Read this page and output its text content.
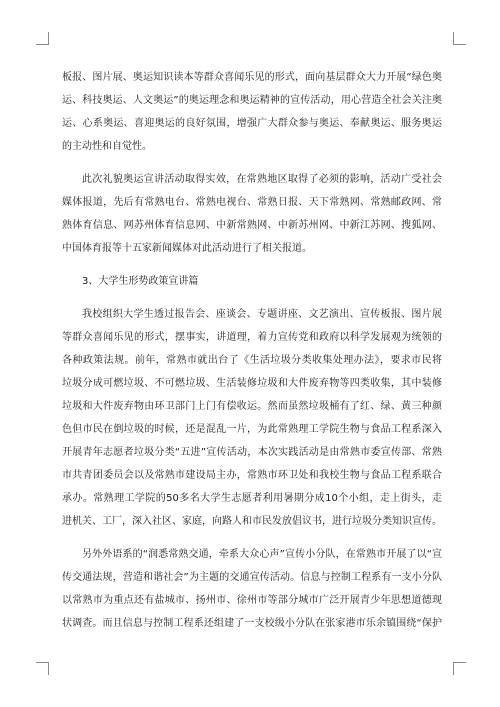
板报、图片展、奥运知识读本等群众喜闻乐见的形式，面向基层群众大力开展“绿色奥
运、科技奥运、人文奥运”的奥运理念和奥运精神的宣传活动，用心营造全社会关注奥
运、心系奥运、喜迎奥运的良好氛围，增强广大群众参与奥运、奉献奥运、服务奥运
的主动性和自觉性。
此次礼貌奥运宣讲活动取得实效，在常熟地区取得了必须的影响，活动广受社会
媒体报道，先后有常熟电台、常熟电视台、常熟日报、天下常熟网、常熟邮政网、常
熟体育信息、网苏州体育信息网、中新常熟网、中新苏州网、中新江苏网、搜狐网、
中国体育报等十五家新闻媒体对此活动进行了相关报道。
3、大学生形势政策宣讲篇
我校组织大学生透过报告会、座谈会、专题讲座、文艺演出、宣传板报、图片展
等群众喜闻乐见的形式，摆事实，讲道理，着力宣传党和政府以科学发展观为统领的
各种政策法规。前年，常熟市就出台了《生活垃圾分类收集处理办法》，要求市民将
垃圾分成可燃垃圾、不可燃垃圾、生活装修垃圾和大件废弃物等四类收集，其中装修
垃圾和大件废弃物由环卫部门上门有偿收运。然而虽然垃圾桶有了红、绿、黄三种颜
色但市民在倒垃圾的时候，还是混乱一片，为此常熟理工学院生物与食品工程系深入
开展青年志愿者垃圾分类“五进”宣传活动，本次实践活动是由常熟市委宣传部、常熟
市共青团委员会以及常熟市建设局主办，常熟市环卫处和我校生物与食品工程系联合
承办。常熟理工学院的50多名大学生志愿者利用暑期分成10个小组，走上街头，走
进机关、工厂，深入社区、家庭，向路人和市民发放倡议书，进行垃圾分类知识宣传。
另外外语系的“润悉常熟交通，牵系大众心声”宣传小分队，在常熟市开展了以“宣
传交通法规，营造和谐社会”为主题的交通宣传活动。信息与控制工程系有一支小分队
以常熟市为重点还有盐城市、扬州市、徐州市等部分城市广泛开展青少年思想道德现
状调查。而且信息与控制工程系还组建了一支校级小分队在张家港市乐余镇围绕“保护
